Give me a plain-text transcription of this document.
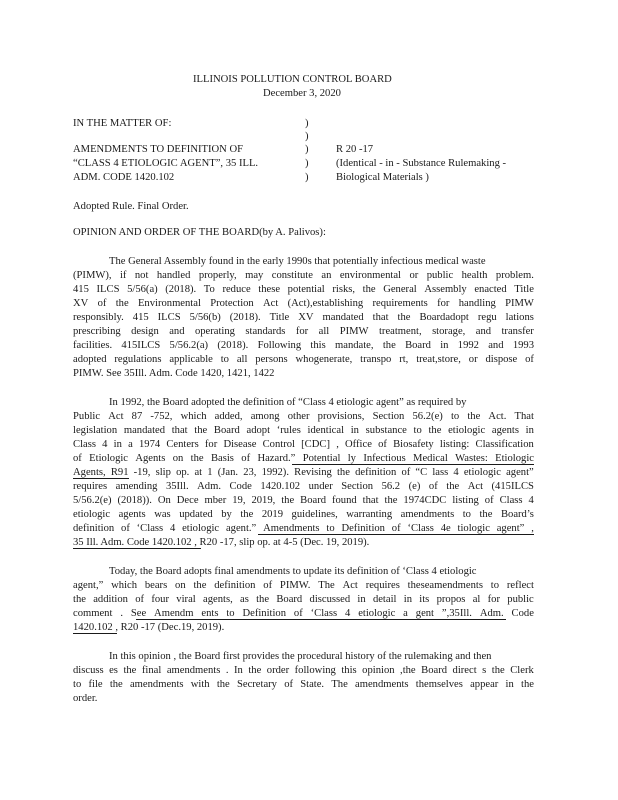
ILLINOIS POLLUTION CONTROL BOARD
December 3, 2020
IN THE MATTER OF:
AMENDMENTS TO DEFINITION OF
“CLASS 4 ETIOLOGIC AGENT”, 35 ILL.
ADM. CODE 1420.102
)
)
)
)
)
R 20 -17
(Identical - in - Substance Rulemaking -
Biological Materials )
Adopted Rule. Final Order.
OPINION AND ORDER OF THE BOARD(by A. Palivos):
The General Assembly found in the early 1990s that potentially infectious medical waste
(PIMW), if not handled properly, may constitute an environmental or public health problem.
415 ILCS 5/56(a) (2018). To reduce these potential risks, the General Assembly enacted Title
XV of the Environmental Protection Act (Act),establishing requirements for handling PIMW
responsibly. 415 ILCS 5/56(b) (2018). Title XV mandated that the Boardadopt regu lations
prescribing design and operating standards for all PIMW treatment, storage, and transfer
facilities. 415ILCS 5/56.2(a) (2018). Following this mandate, the Board in 1992 and 1993
adopted regulations applicable to all persons whogenerate, transpo rt, treat,store, or dispose of
PIMW. See 35Ill. Adm. Code 1420, 1421, 1422
In 1992, the Board adopted the definition of “Class 4 etiologic agent” as required by
Public Act 87 -752, which added, among other provisions, Section 56.2(e) to the Act. That
legislation mandated that the Board adopt ‘rules identical in substance to the etiologic agents in
Class 4 in a 1974 Centers for Disease Control [CDC] , Office of Biosafety listing: Classification
of Etiologic Agents on the Basis of Hazard.” Potential ly Infectious Medical Wastes: Etiologic
Agents, R91 -19, slip op. at 1 (Jan. 23, 1992). Revising the definition of “C lass 4 etiologic agent”
requires amending 35Ill. Adm. Code 1420.102 under Section 56.2 (e) of the Act (415ILCS
5/56.2(e) (2018)). On Dece mber 19, 2019, the Board found that the 1974CDC listing of Class 4
etiologic agents was updated by the 2019 guidelines, warranting amendments to the Board’s
definition of ‘Class 4 etiologic agent.” Amendments to Definition of ‘Class 4e tiologic agent” ,
35 Ill. Adm. Code 1420.102 , R20 -17, slip op. at 4-5 (Dec. 19, 2019).
Today, the Board adopts final amendments to update its definition of ‘Class 4 etiologic
agent,” which bears on the definition of PIMW. The Act requires theseamendments to reflect
the addition of four viral agents, as the Board discussed in detail in its propos al for public
comment . See Amendm ents to Definition of ‘Class 4 etiologic a gent ”,35Ill. Adm. Code
1420.102 , R20 -17 (Dec.19, 2019).
In this opinion , the Board first provides the procedural history of the rulemaking and then
discuss es the final amendments . In the order following this opinion ,the Board direct s the Clerk
to file the amendments with the Secretary of State. The amendments themselves appear in the
order.
